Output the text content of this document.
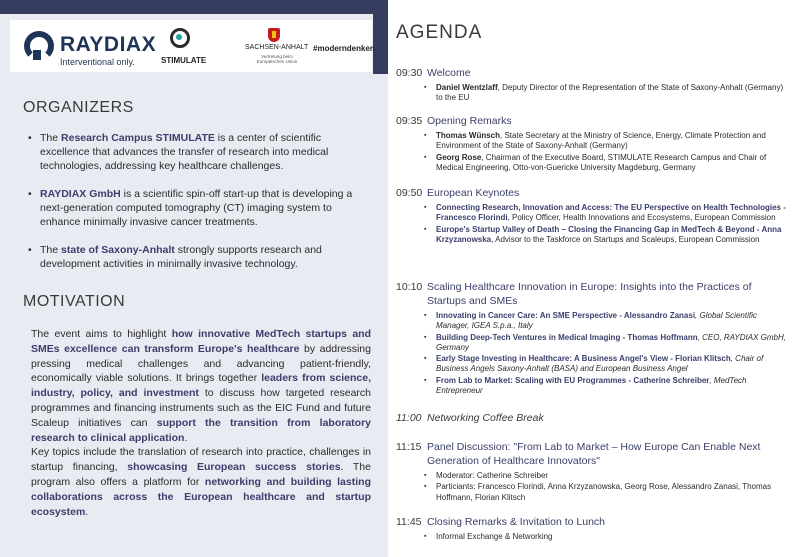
RAYDIAX
Interventional only.	STIMULATE
SACHSEN-ANHALT
Vertretung beim Europäischen Union
#moderndenken
ORGANIZERS
• The Research Campus STIMULATE is a center of scientific excellence that advances the transfer of research into medical technologies, addressing key healthcare challenges.
• RAYDIAX GmbH is a scientific spin-off start-up that is developing a next-generation computed tomography (CT) imaging system to enhance minimally invasive cancer treatments.
• The state of Saxony-Anhalt strongly supports research and development activities in minimally invasive technology.
MOTIVATION

The event aims to highlight how innovative MedTech startups and SMEs excellence can transform Europe's healthcare by addressing pressing medical challenges and advancing patient-friendly, economically viable solutions. It brings together leaders from science, industry, policy, and investment to discuss how targeted research programmes and financing instruments such as the EIC Fund and future Scaleup initiatives can support the transition from laboratory research to clinical application.

Key topics include the translation of research into practice, challenges in startup financing, showcasing European success stories. The program also offers a platform for networking and building lasting collaborations across the European healthcare and startup ecosystem.

AGENDA
09:30 Welcome
▪ Daniel Wentzlaff, Deputy Director of the Representation of the State of Saxony-Anhalt (Germany) to the EU
09:35 Opening Remarks
▪ Thomas Wünsch, State Secretary at the Ministry of Science, Energy, Climate Protection and Environment of the State of Saxony-Anhalt (Germany)
▪ Georg Rose, Chairman of the Executive Board, STIMULATE Research Campus and Chair of Medical Engineering, Otto-von-Guericke University Magdeburg, Germany
09:50 European Keynotes
▪ Connecting Research, Innovation and Access: The EU Perspective on Health Technologies - Francesco Florindi, Policy Officer, Health Innovations and Ecosystems, European Commission
▪ Europe's Startup Valley of Death – Closing the Financing Gap in MedTech & Beyond - Anna Krzyzanowska, Advisor to the Taskforce on Startups and Scaleups, European Commission
10:10 Scaling Healthcare Innovation in Europe: Insights into the Practices of Startups and SMEs
▪ Innovating in Cancer Care: An SME Perspective - Alessandro Zanasi, Global Scientific Manager, IGEA S.p.a., Italy
▪ Building Deep-Tech Ventures in Medical Imaging - Thomas Hoffmann, CEO, RAYDIAX GmbH, Germany
▪ Early Stage Investing in Healthcare: A Business Angel's View - Florian Klitsch, Chair of Business Angels Saxony-Anhalt (BASA) and European Business Angel
▪ From Lab to Market: Scaling with EU Programmes - Catherine Schreiber, MedTech Entrepreneur
11:00 Networking Coffee Break
11:15 Panel Discussion: "From Lab to Market – How Europe Can Enable Next Generation of Healthcare Innovators"
▪ Moderator: Catherine Schreiber
▪ Particiants: Francesco Florindi, Anna Krzyzanowska, Georg Rose, Alessandro Zanasi, Thomas Hoffmann, Florian Klitsch
11:45 Closing Remarks & Invitation to Lunch
▪ Informal Exchange & Networking
